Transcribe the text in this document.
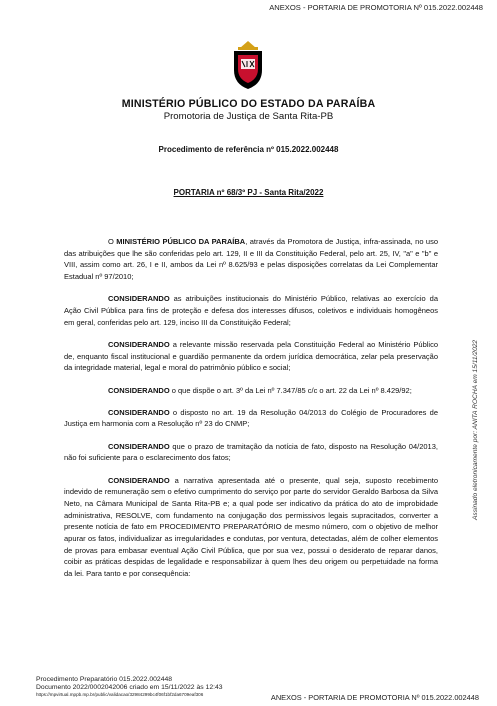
ANEXOS - PORTARIA DE PROMOTORIA Nº 015.2022.002448
MINISTÉRIO PÚBLICO DO ESTADO DA PARAÍBA
Promotoria de Justiça de Santa Rita-PB
Procedimento de referência nº 015.2022.002448
PORTARIA nº 68/3º PJ - Santa Rita/2022

O MINISTÉRIO PÚBLICO DA PARAÍBA, através da Promotora de Justiça, infra-assinada, no uso das atribuições que lhe são conferidas pelo art. 129, II e III da Constituição Federal, pelo art. 25, IV, "a" e "b" e VIII, assim como art. 26, I e II, ambos da Lei nº 8.625/93 e pelas disposições correlatas da Lei Complementar Estadual nº 97/2010;

CONSIDERANDO as atribuições institucionais do Ministério Público, relativas ao exercício da Ação Civil Pública para fins de proteção e defesa dos interesses difusos, coletivos e individuais homogêneos em geral, conferidas pelo art. 129, inciso III da Constituição Federal;

CONSIDERANDO a relevante missão reservada pela Constituição Federal ao Ministério Público de, enquanto fiscal institucional e guardião permanente da ordem jurídica democrática, zelar pela preservação da integridade material, legal e moral do patrimônio público e social;

CONSIDERANDO o que dispõe o art. 3º da Lei nº 7.347/85 c/c o art. 22 da Lei nº 8.429/92;

CONSIDERANDO o disposto no art. 19 da Resolução 04/2013 do Colégio de Procuradores de Justiça em harmonia com a Resolução nº 23 do CNMP;

CONSIDERANDO que o prazo de tramitação da notícia de fato, disposto na Resolução 04/2013, não foi suficiente para o esclarecimento dos fatos;

CONSIDERANDO a narrativa apresentada até o presente, qual seja, suposto recebimento indevido de remuneração sem o efetivo cumprimento do serviço por parte do servidor Geraldo Barbosa da Silva Neto, na Câmara Municipal de Santa Rita-PB e; a qual pode ser indicativo da prática do ato de improbidade administrativa, RESOLVE, com fundamento na conjugação dos permissivos legais supracitados, converter a presente notícia de fato em PROCEDIMENTO PREPARATÓRIO de mesmo número, com o objetivo de melhor apurar os fatos, individualizar as irregularidades e condutas, por ventura, detectadas, além de colher elementos de provas para embasar eventual Ação Civil Pública, que por sua vez, possui o desiderato de reparar danos, coibir as práticas despidas de legalidade e responsabilizar à quem lhes deu origem ou perpetuidade na forma da lei. Para tanto e por consequência:

Assinado eletronicamente por: ANITA ROCHA em 15/11/2022
Procedimento Preparatório 015.2022.002448
Documento 2022/0002042006 criado em 15/11/2022 às 12:43
https://mpvirtual.mppb.mp.br/public/validacao/32984299bc4f06f1bf2da6709eaf306	ANEXOS - PORTARIA DE PROMOTORIA Nº 015.2022.002448
